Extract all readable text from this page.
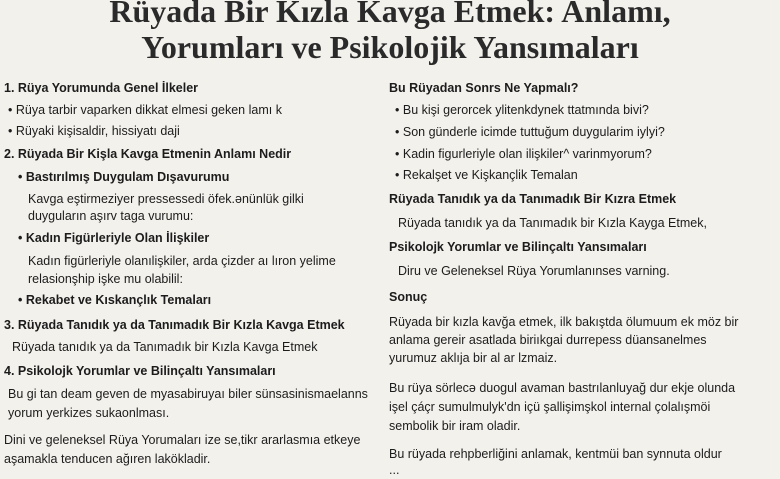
Rüyada Bir Kızla Kavga Etmek: Anlamı,
Yorumları ve Psikolojik Yansımaları
1. Rüya Yorumunda Genel İlkeler
• Rüya tarbir vaparken dikkat elmesi geken lamı k
• Rüyaki kişisaldir, hissiyatı daji
2. Rüyada Bir Kişla Kavga Etmenin Anlamı Nedir
• Bastırılmış Duygulam Dışavurumu
Kavga eştirmeziyer pressessedi öfek.ənünlük gilki
duyguların aşırv taga vurumu:
• Kadın Figürleriyle Olan İlişkiler
Kadın figürleriyle olanılişkiler, arda çizder aı lıron yelime
relasionşhip işke mu olabilil:
• Rekabet ve Kıskançlık Temaları
3. Rüyada Tanıdık ya da Tanımadık Bir Kızla Kavga Etmek
Rüyada tanıdık ya da Tanımadık bir Kızla Kavga Etmek
4. Psikolojk Yorumlar ve Bilinçaltı Yansımaları
Bu gi tan deam geven de myasabiruyaı biler sünsasinismaelanns
yorum yerkizes sukaonlması.
Dini ve geleneksel Rüya Yorumaları ize se,tikr ararlasmıa etkeye
aşamakla tenducen ağıren lakökladir.
Bu Rüyadan Sonrs Ne Yapmalı?
• Bu kişi gerorcek ylitenkdynek ttatmında bivi?
• Son günderle icimde tuttuğum duygularim iylyi?
• Kadin figurleriyle olan ilişkiler^ varinmyorum?
• Rekalşet ve Kişkançlik Temalan
Rüyada Tanıdık ya da Tanımadık Bir Kızra Etmek
Rüyada tanıdık ya da Tanımadık bir Kızla Kayga Etmek,
Psikolojk Yorumlar ve Bilinçaltı Yansımaları
Diru ve Geleneksel Rüya Yorumlanınses varning.
Sonuç
Rüyada bir kızla kavğa etmek, ilk bakıştda ölumuum ek möz bir
anlama gereir asatlada biriıkgai durrepess düansanelmes
yurumuz aklıja bir al ar lzmaiz.
Bu rüya sörlecə duogul avaman bastrılanluyağ dur ekje olunda
işel çáçr sumulmulyk'dn içü şallişimşkol internal çolalışmöi
sembolik bir iram oladir.
Bu rüyada rehpberliğini anlamak, kentmüi ban synnuta oldur
...
